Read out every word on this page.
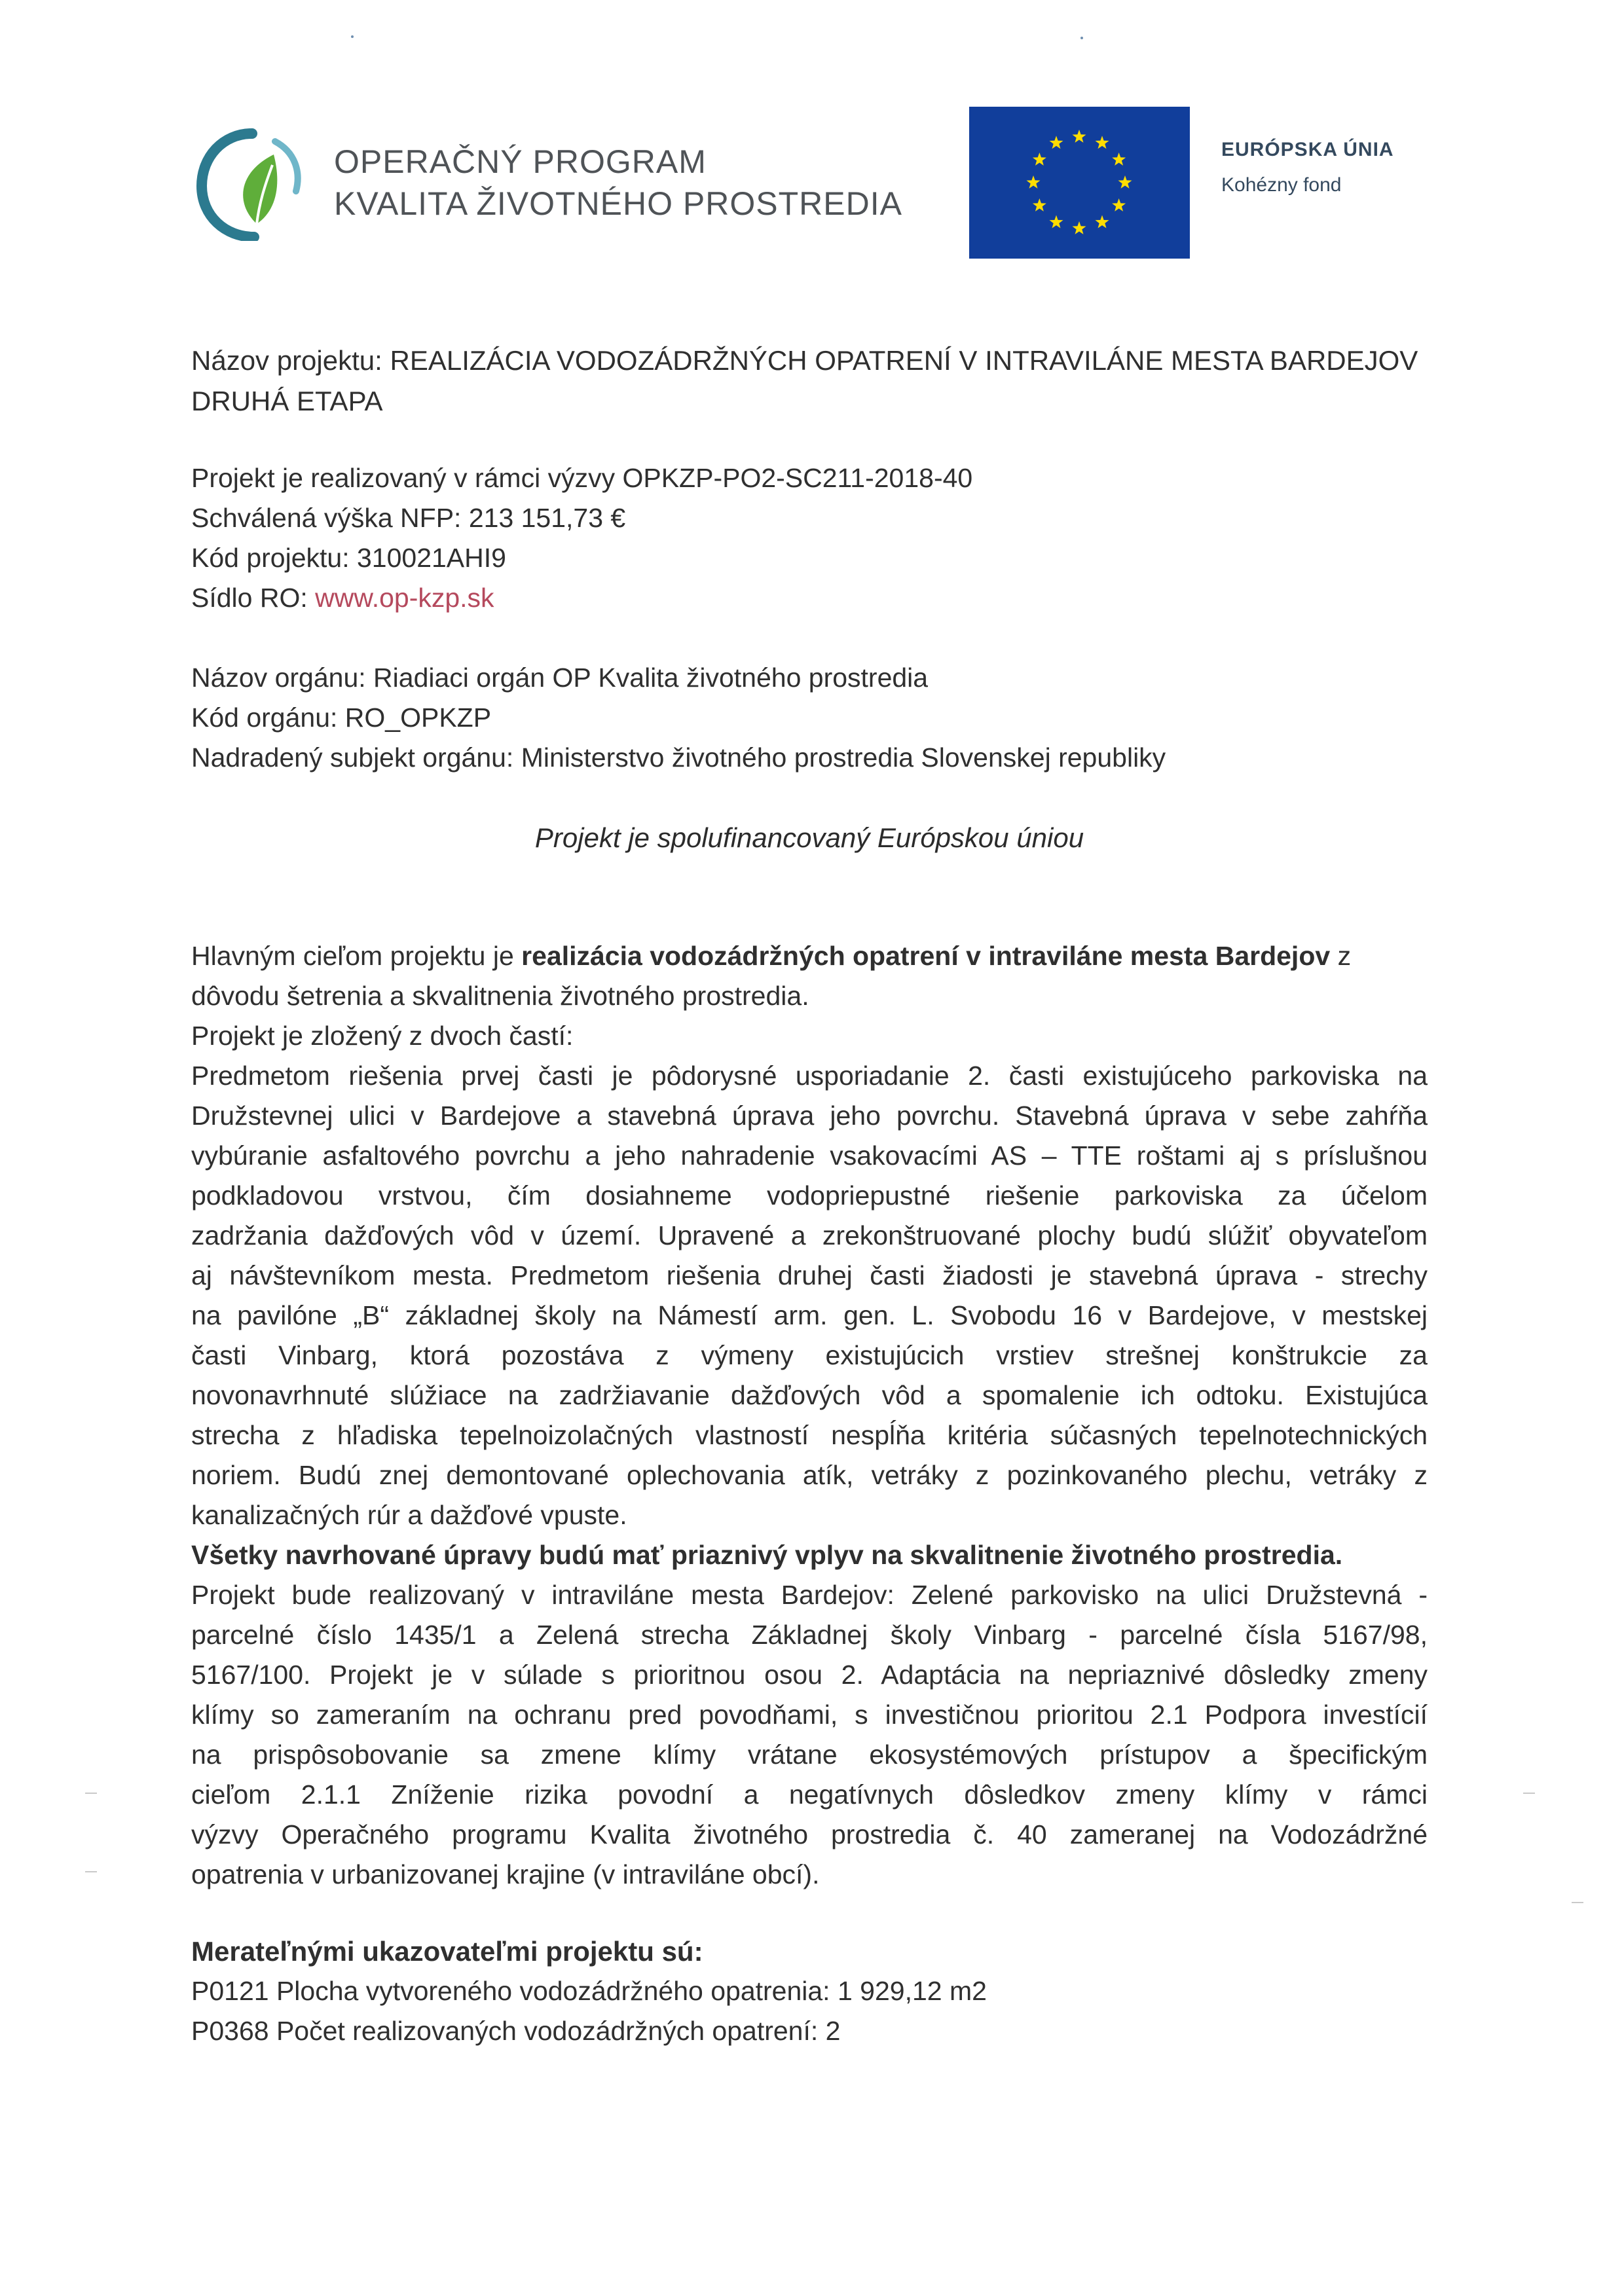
OPERAČNÝ PROGRAM
KVALITA ŽIVOTNÉHO PROSTREDIA
EURÓPSKA ÚNIA
Kohézny fond
Názov projektu: REALIZÁCIA VODOZÁDRŽNÝCH OPATRENÍ V INTRAVILÁNE MESTA BARDEJOV
DRUHÁ ETAPA
Projekt je realizovaný v rámci výzvy OPKZP-PO2-SC211-2018-40
Schválená výška NFP: 213 151,73 €
Kód projektu: 310021AHI9
Sídlo RO: www.op-kzp.sk
Názov orgánu: Riadiaci orgán OP Kvalita životného prostredia
Kód orgánu: RO_OPKZP
Nadradený subjekt orgánu: Ministerstvo životného prostredia Slovenskej republiky
Projekt je spolufinancovaný Európskou úniou
Hlavným cieľom projektu je realizácia vodozádržných opatrení v intraviláne mesta Bardejov z
dôvodu šetrenia a skvalitnenia životného prostredia.
Projekt je zložený z dvoch častí:
Predmetom riešenia prvej časti je pôdorysné usporiadanie 2. časti existujúceho parkoviska na
Družstevnej ulici v Bardejove a stavebná úprava jeho povrchu. Stavebná úprava v sebe zahŕňa
vybúranie asfaltového povrchu a jeho nahradenie vsakovacími AS – TTE roštami aj s príslušnou
podkladovou vrstvou, čím dosiahneme vodopriepustné riešenie parkoviska za účelom
zadržania dažďových vôd v území. Upravené a zrekonštruované plochy budú slúžiť obyvateľom
aj návštevníkom mesta. Predmetom riešenia druhej časti žiadosti je stavebná úprava - strechy
na pavilóne „B“ základnej školy na Námestí arm. gen. L. Svobodu 16 v Bardejove, v mestskej
časti Vinbarg, ktorá pozostáva z výmeny existujúcich vrstiev strešnej konštrukcie za
novonavrhnuté slúžiace na zadržiavanie dažďových vôd a spomalenie ich odtoku. Existujúca
strecha z hľadiska tepelnoizolačných vlastností nespĺňa kritéria súčasných tepelnotechnických
noriem. Budú znej demontované oplechovania atík, vetráky z pozinkovaného plechu, vetráky z
kanalizačných rúr a dažďové vpuste.
Všetky navrhované úpravy budú mať priaznivý vplyv na skvalitnenie životného prostredia.
Projekt bude realizovaný v intraviláne mesta Bardejov: Zelené parkovisko na ulici Družstevná -
parcelné číslo 1435/1 a Zelená strecha Základnej školy Vinbarg - parcelné čísla 5167/98,
5167/100. Projekt je v súlade s prioritnou osou 2. Adaptácia na nepriaznivé dôsledky zmeny
klímy so zameraním na ochranu pred povodňami, s investičnou prioritou 2.1 Podpora investícií
na prispôsobovanie sa zmene klímy vrátane ekosystémových prístupov a špecifickým
cieľom 2.1.1 Zníženie rizika povodní a negatívnych dôsledkov zmeny klímy v rámci
výzvy Operačného programu Kvalita životného prostredia č. 40 zameranej na Vodozádržné
opatrenia v urbanizovanej krajine (v intraviláne obcí).
Merateľnými ukazovateľmi projektu sú:
P0121 Plocha vytvoreného vodozádržného opatrenia: 1 929,12 m2
P0368 Počet realizovaných vodozádržných opatrení: 2
